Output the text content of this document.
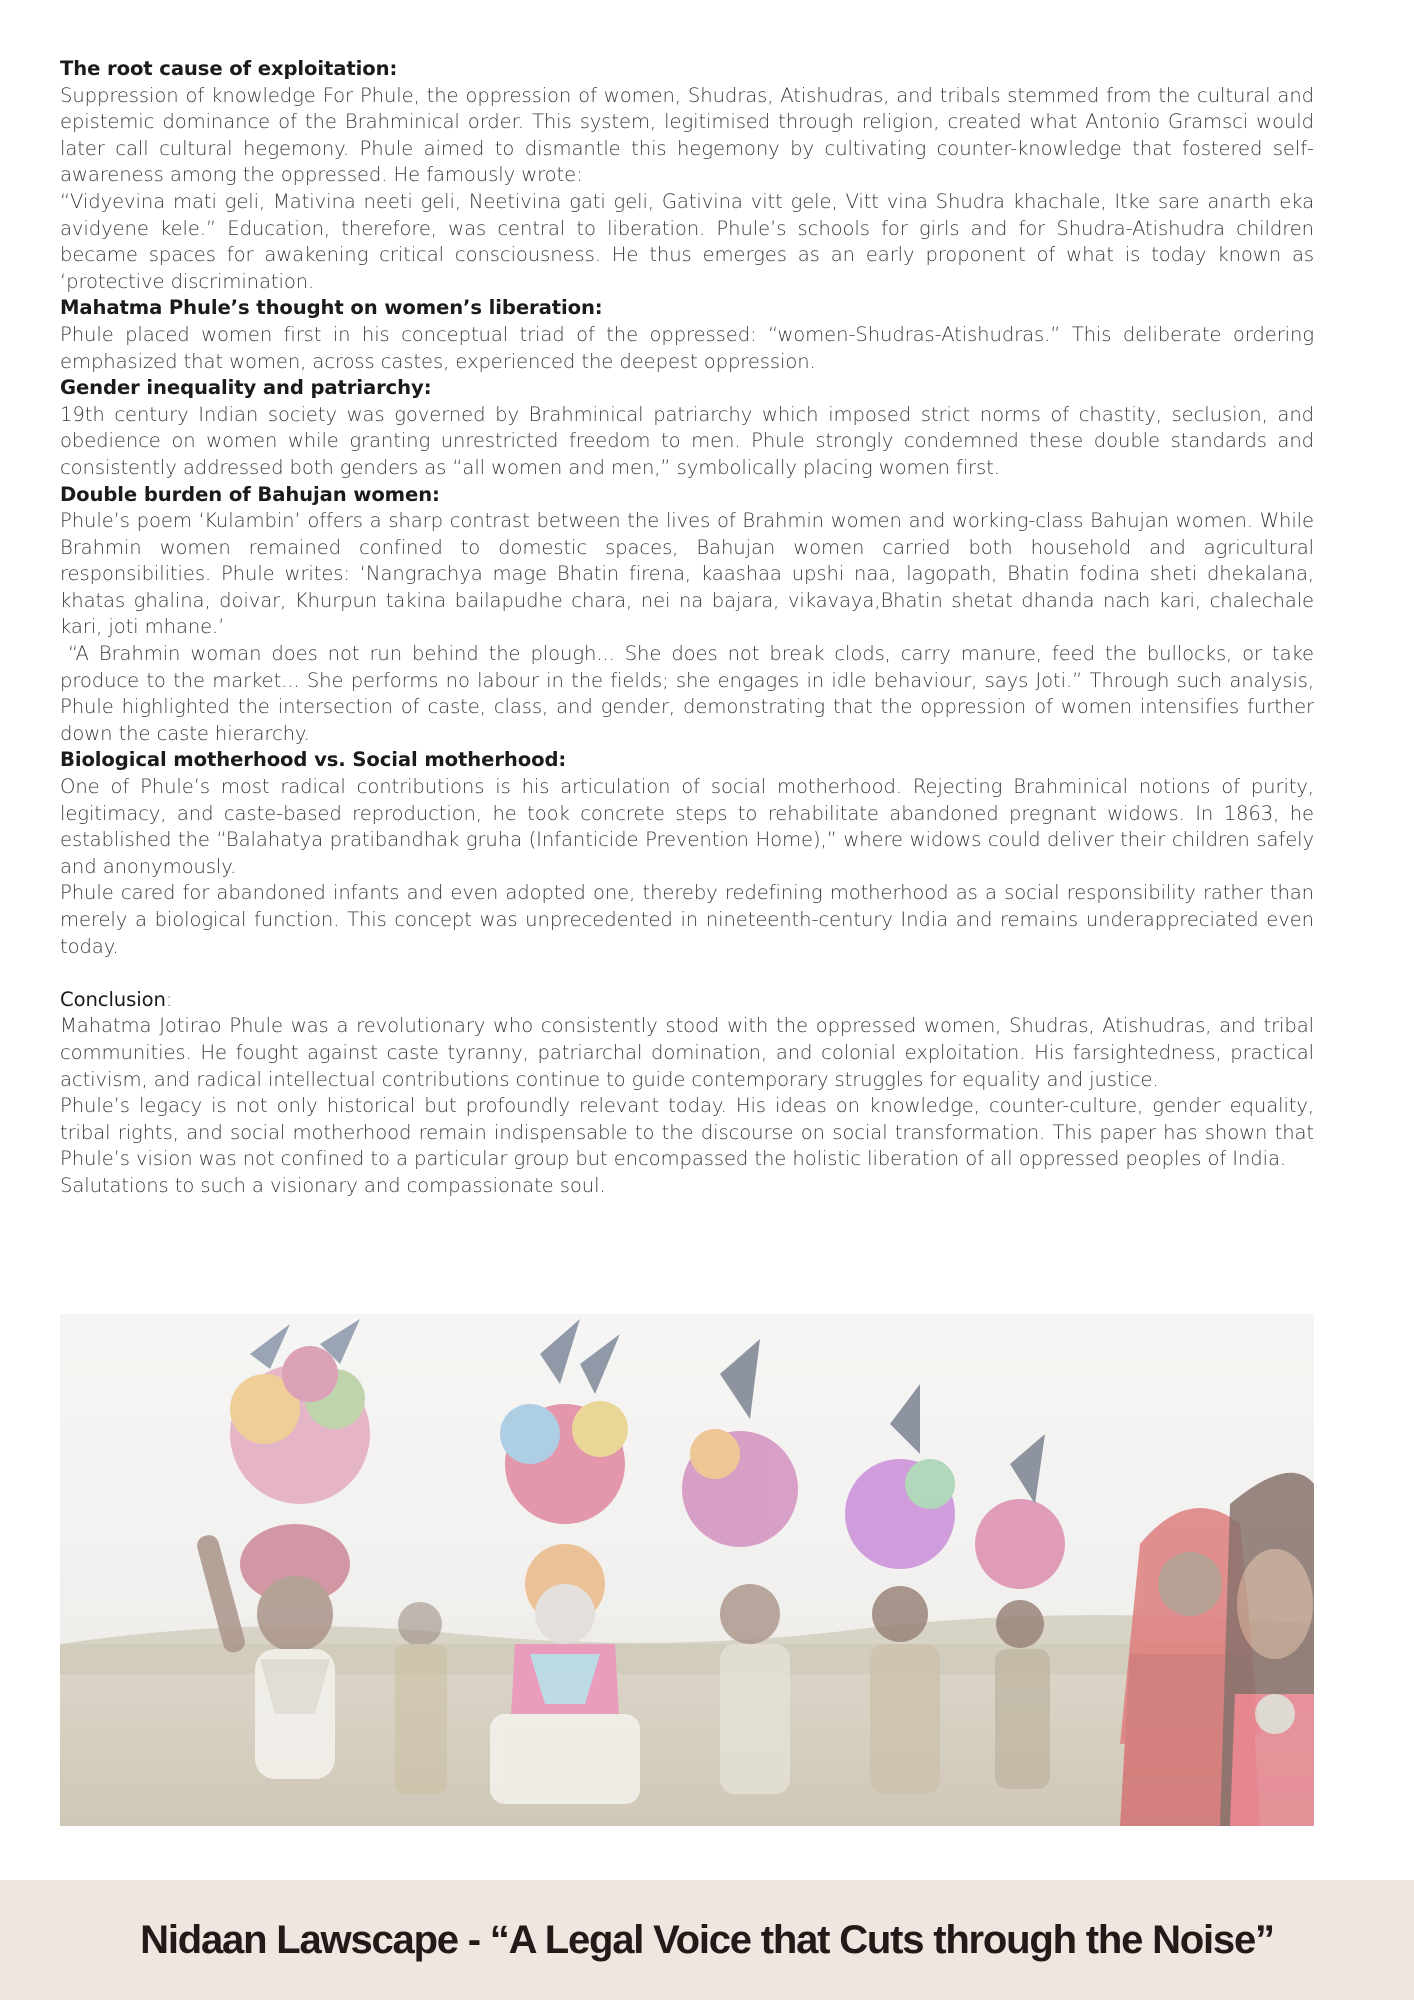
The root cause of exploitation:

Suppression of knowledge For Phule, the oppression of women, Shudras, Atishudras, and tribals stemmed from the cultural and epistemic dominance of the Brahminical order. This system, legitimised through religion, created what Antonio Gramsci would later call cultural hegemony. Phule aimed to dismantle this hegemony by cultivating counter-knowledge that fostered self-awareness among the oppressed. He famously wrote:

“Vidyevina mati geli, Mativina neeti geli, Neetivina gati geli, Gativina vitt gele, Vitt vina Shudra khachale, Itke sare anarth eka avidyene kele.” Education, therefore, was central to liberation. Phule’s schools for girls and for Shudra-Atishudra children became spaces for awakening critical consciousness. He thus emerges as an early proponent of what is today known as ‘protective discrimination.

Mahatma Phule’s thought on women’s liberation:

Phule placed women first in his conceptual triad of the oppressed: “women-Shudras-Atishudras.” This deliberate ordering emphasized that women, across castes, experienced the deepest oppression.

Gender inequality and patriarchy:

19th century Indian society was governed by Brahminical patriarchy which imposed strict norms of chastity, seclusion, and obedience on women while granting unrestricted freedom to men. Phule strongly condemned these double standards and consistently addressed both genders as “all women and men,” symbolically placing women first.

Double burden of Bahujan women:

Phule’s poem ‘Kulambin’ offers a sharp contrast between the lives of Brahmin women and working-class Bahujan women. While Brahmin women remained confined to domestic spaces, Bahujan women carried both household and agricultural responsibilities. Phule writes: ‘Nangrachya mage Bhatin firena, kaashaa upshi naa, lagopath, Bhatin fodina sheti dhekalana, khatas ghalina, doivar, Khurpun takina bailapudhe chara, nei na bajara, vikavaya,Bhatin shetat dhanda nach kari, chalechale kari, joti mhane.’

“A Brahmin woman does not run behind the plough... She does not break clods, carry manure, feed the bullocks, or take produce to the market... She performs no labour in the fields; she engages in idle behaviour, says Joti.” Through such analysis, Phule highlighted the intersection of caste, class, and gender, demonstrating that the oppression of women intensifies further down the caste hierarchy.

Biological motherhood vs. Social motherhood:

One of Phule’s most radical contributions is his articulation of social motherhood. Rejecting Brahminical notions of purity, legitimacy, and caste-based reproduction, he took concrete steps to rehabilitate abandoned pregnant widows. In 1863, he established the “Balahatya pratibandhak gruha (Infanticide Prevention Home),” where widows could deliver their children safely and anonymously.

Phule cared for abandoned infants and even adopted one, thereby redefining motherhood as a social responsibility rather than merely a biological function. This concept was unprecedented in nineteenth-century India and remains underappreciated even today.

Conclusion:

Mahatma Jotirao Phule was a revolutionary who consistently stood with the oppressed women, Shudras, Atishudras, and tribal communities. He fought against caste tyranny, patriarchal domination, and colonial exploitation. His farsightedness, practical activism, and radical intellectual contributions continue to guide contemporary struggles for equality and justice.

Phule’s legacy is not only historical but profoundly relevant today. His ideas on knowledge, counter-culture, gender equality, tribal rights, and social motherhood remain indispensable to the discourse on social transformation. This paper has shown that Phule’s vision was not confined to a particular group but encompassed the holistic liberation of all oppressed peoples of India.

Salutations to such a visionary and compassionate soul.

Nidaan Lawscape - “A Legal Voice that Cuts through the Noise”
